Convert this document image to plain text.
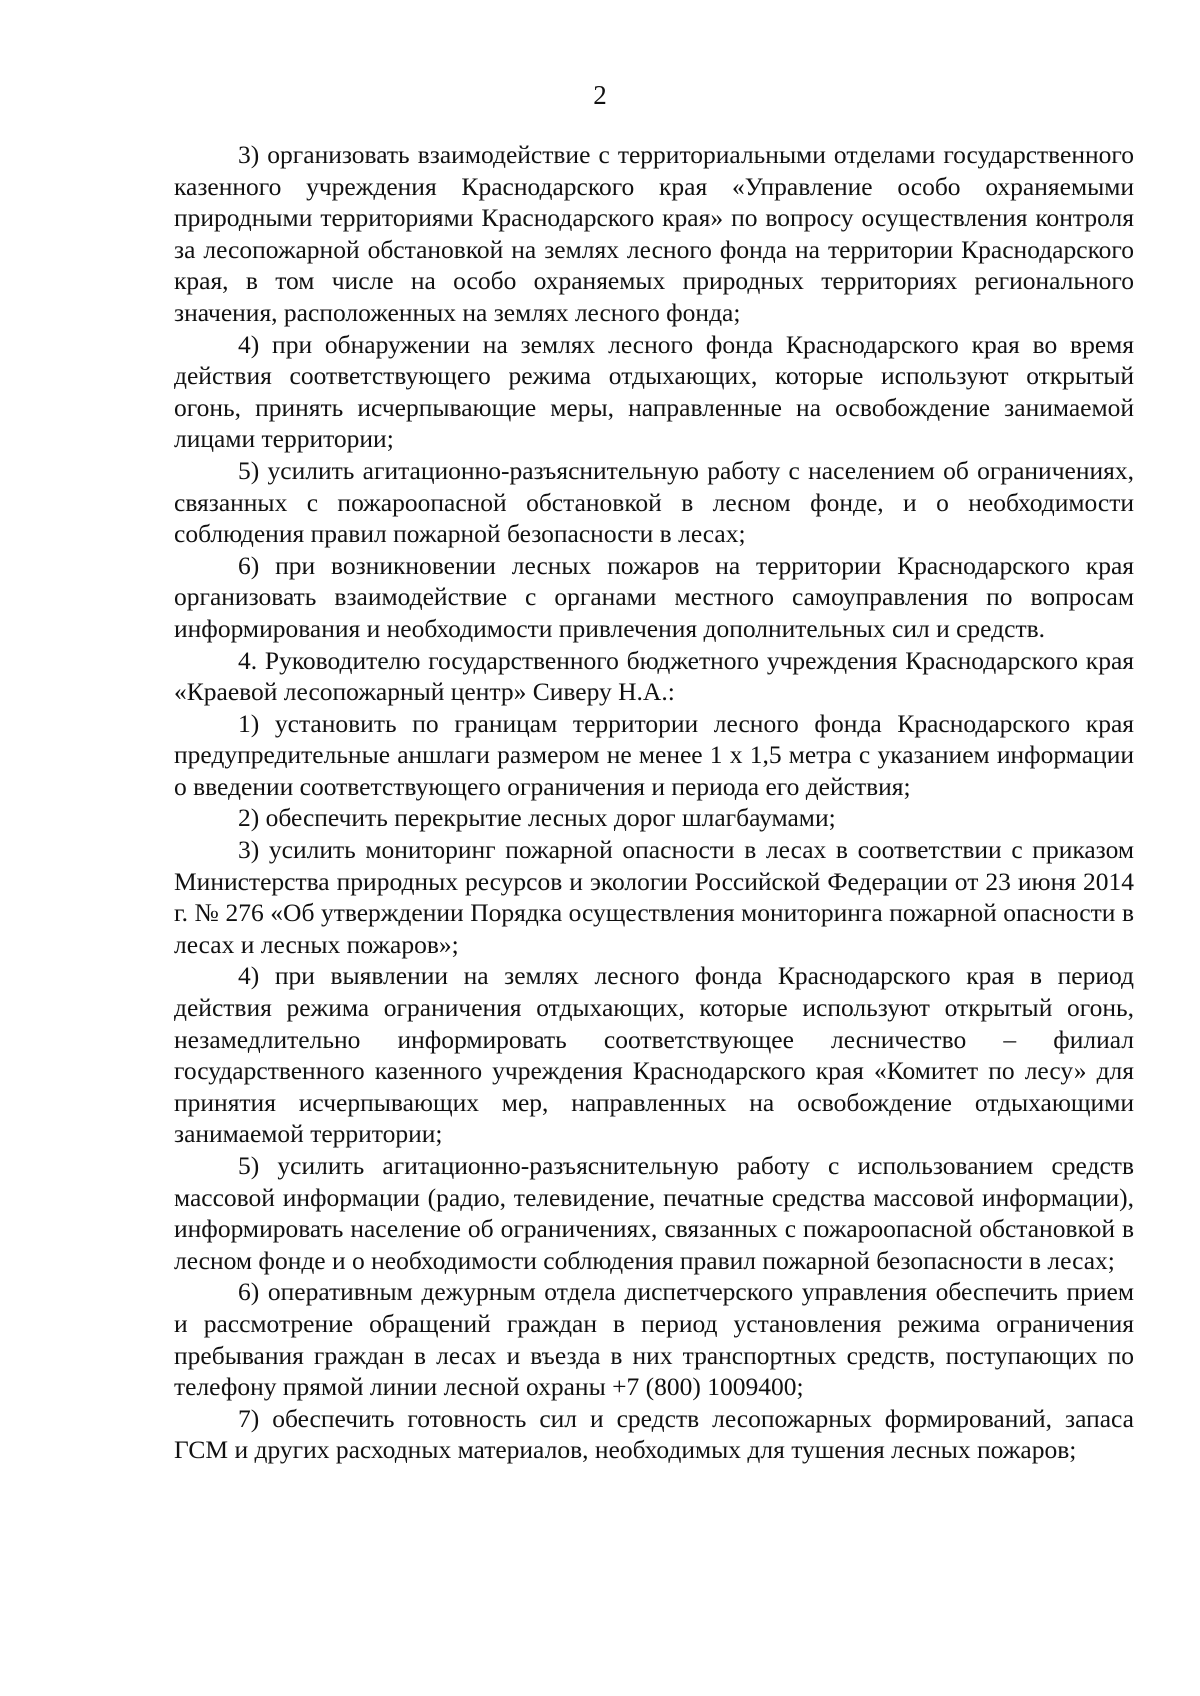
2

3) организовать взаимодействие с территориальными отделами государственного казенного учреждения Краснодарского края «Управление особо охраняемыми природными территориями Краснодарского края» по вопросу осуществления контроля за лесопожарной обстановкой на землях лесного фонда на территории Краснодарского края, в том числе на особо охраняемых природных территориях регионального значения, расположенных на землях лесного фонда;

4) при обнаружении на землях лесного фонда Краснодарского края во время действия соответствующего режима отдыхающих, которые используют открытый огонь, принять исчерпывающие меры, направленные на освобождение занимаемой лицами территории;

5) усилить агитационно-разъяснительную работу с населением об ограничениях, связанных с пожароопасной обстановкой в лесном фонде, и о необходимости соблюдения правил пожарной безопасности в лесах;

6) при возникновении лесных пожаров на территории Краснодарского края организовать взаимодействие с органами местного самоуправления по вопросам информирования и необходимости привлечения дополнительных сил и средств.

4. Руководителю государственного бюджетного учреждения Краснодарского края «Краевой лесопожарный центр» Сиверу Н.А.:

1) установить по границам территории лесного фонда Краснодарского края предупредительные аншлаги размером не менее 1 х 1,5 метра с указанием информации о введении соответствующего ограничения и периода его действия;

2) обеспечить перекрытие лесных дорог шлагбаумами;

3) усилить мониторинг пожарной опасности в лесах в соответствии с приказом Министерства природных ресурсов и экологии Российской Федерации от 23 июня 2014 г. № 276 «Об утверждении Порядка осуществления мониторинга пожарной опасности в лесах и лесных пожаров»;

4) при выявлении на землях лесного фонда Краснодарского края в период действия режима ограничения отдыхающих, которые используют открытый огонь, незамедлительно информировать соответствующее лесничество – филиал государственного казенного учреждения Краснодарского края «Комитет по лесу» для принятия исчерпывающих мер, направленных на освобождение отдыхающими занимаемой территории;

5) усилить агитационно-разъяснительную работу с использованием средств массовой информации (радио, телевидение, печатные средства массовой информации), информировать население об ограничениях, связанных с пожароопасной обстановкой в лесном фонде и о необходимости соблюдения правил пожарной безопасности в лесах;

6) оперативным дежурным отдела диспетчерского управления обеспечить прием и рассмотрение обращений граждан в период установления режима ограничения пребывания граждан в лесах и въезда в них транспортных средств, поступающих по телефону прямой линии лесной охраны +7 (800) 1009400;

7) обеспечить готовность сил и средств лесопожарных формирований, запаса ГСМ и других расходных материалов, необходимых для тушения лесных пожаров;
